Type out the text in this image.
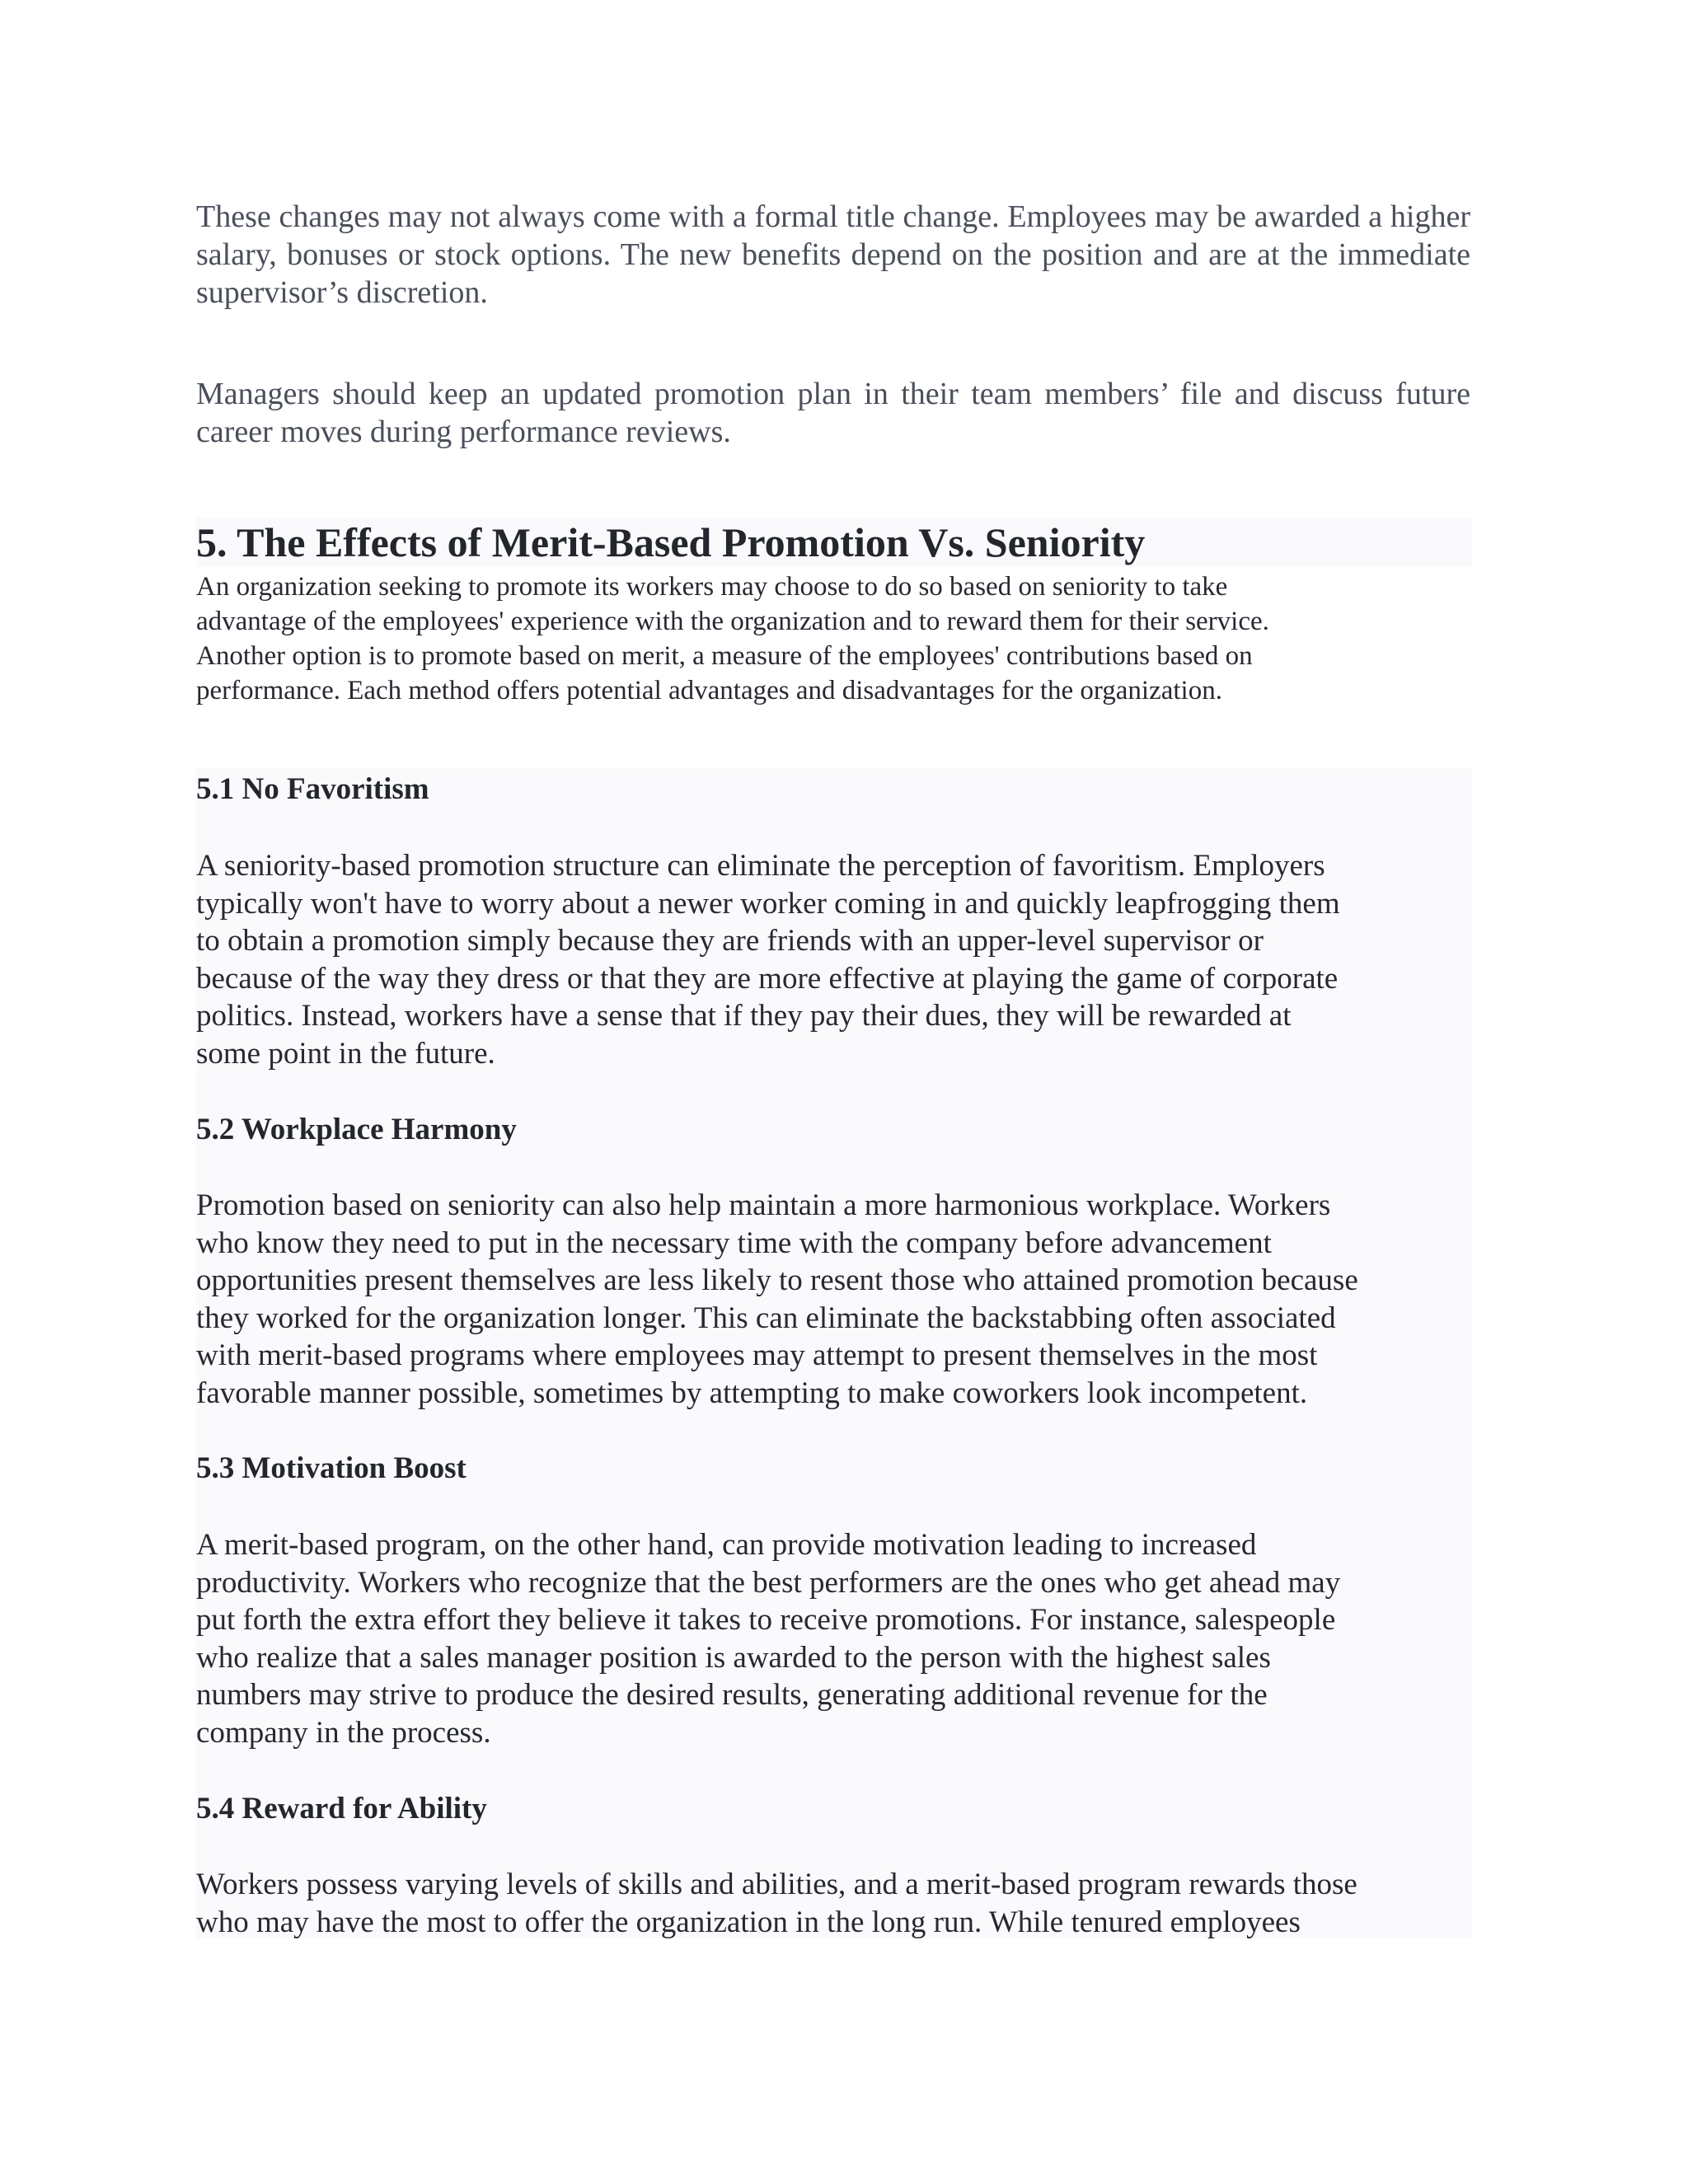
These changes may not always come with a formal title change. Employees may be awarded a higher salary, bonuses or stock options. The new benefits depend on the position and are at the immediate supervisor’s discretion.

Managers should keep an updated promotion plan in their team members’ file and discuss future career moves during performance reviews.

5. The Effects of Merit-Based Promotion Vs. Seniority
An organization seeking to promote its workers may choose to do so based on seniority to take
advantage of the employees' experience with the organization and to reward them for their service.
Another option is to promote based on merit, a measure of the employees' contributions based on
performance. Each method offers potential advantages and disadvantages for the organization.
5.1 No Favoritism
A seniority-based promotion structure can eliminate the perception of favoritism. Employers
typically won't have to worry about a newer worker coming in and quickly leapfrogging them
to obtain a promotion simply because they are friends with an upper-level supervisor or
because of the way they dress or that they are more effective at playing the game of corporate
politics. Instead, workers have a sense that if they pay their dues, they will be rewarded at
some point in the future.
5.2 Workplace Harmony
Promotion based on seniority can also help maintain a more harmonious workplace. Workers
who know they need to put in the necessary time with the company before advancement
opportunities present themselves are less likely to resent those who attained promotion because
they worked for the organization longer. This can eliminate the backstabbing often associated
with merit-based programs where employees may attempt to present themselves in the most
favorable manner possible, sometimes by attempting to make coworkers look incompetent.
5.3 Motivation Boost
A merit-based program, on the other hand, can provide motivation leading to increased
productivity. Workers who recognize that the best performers are the ones who get ahead may
put forth the extra effort they believe it takes to receive promotions. For instance, salespeople
who realize that a sales manager position is awarded to the person with the highest sales
numbers may strive to produce the desired results, generating additional revenue for the
company in the process.
5.4 Reward for Ability
Workers possess varying levels of skills and abilities, and a merit-based program rewards those
who may have the most to offer the organization in the long run. While tenured employees
